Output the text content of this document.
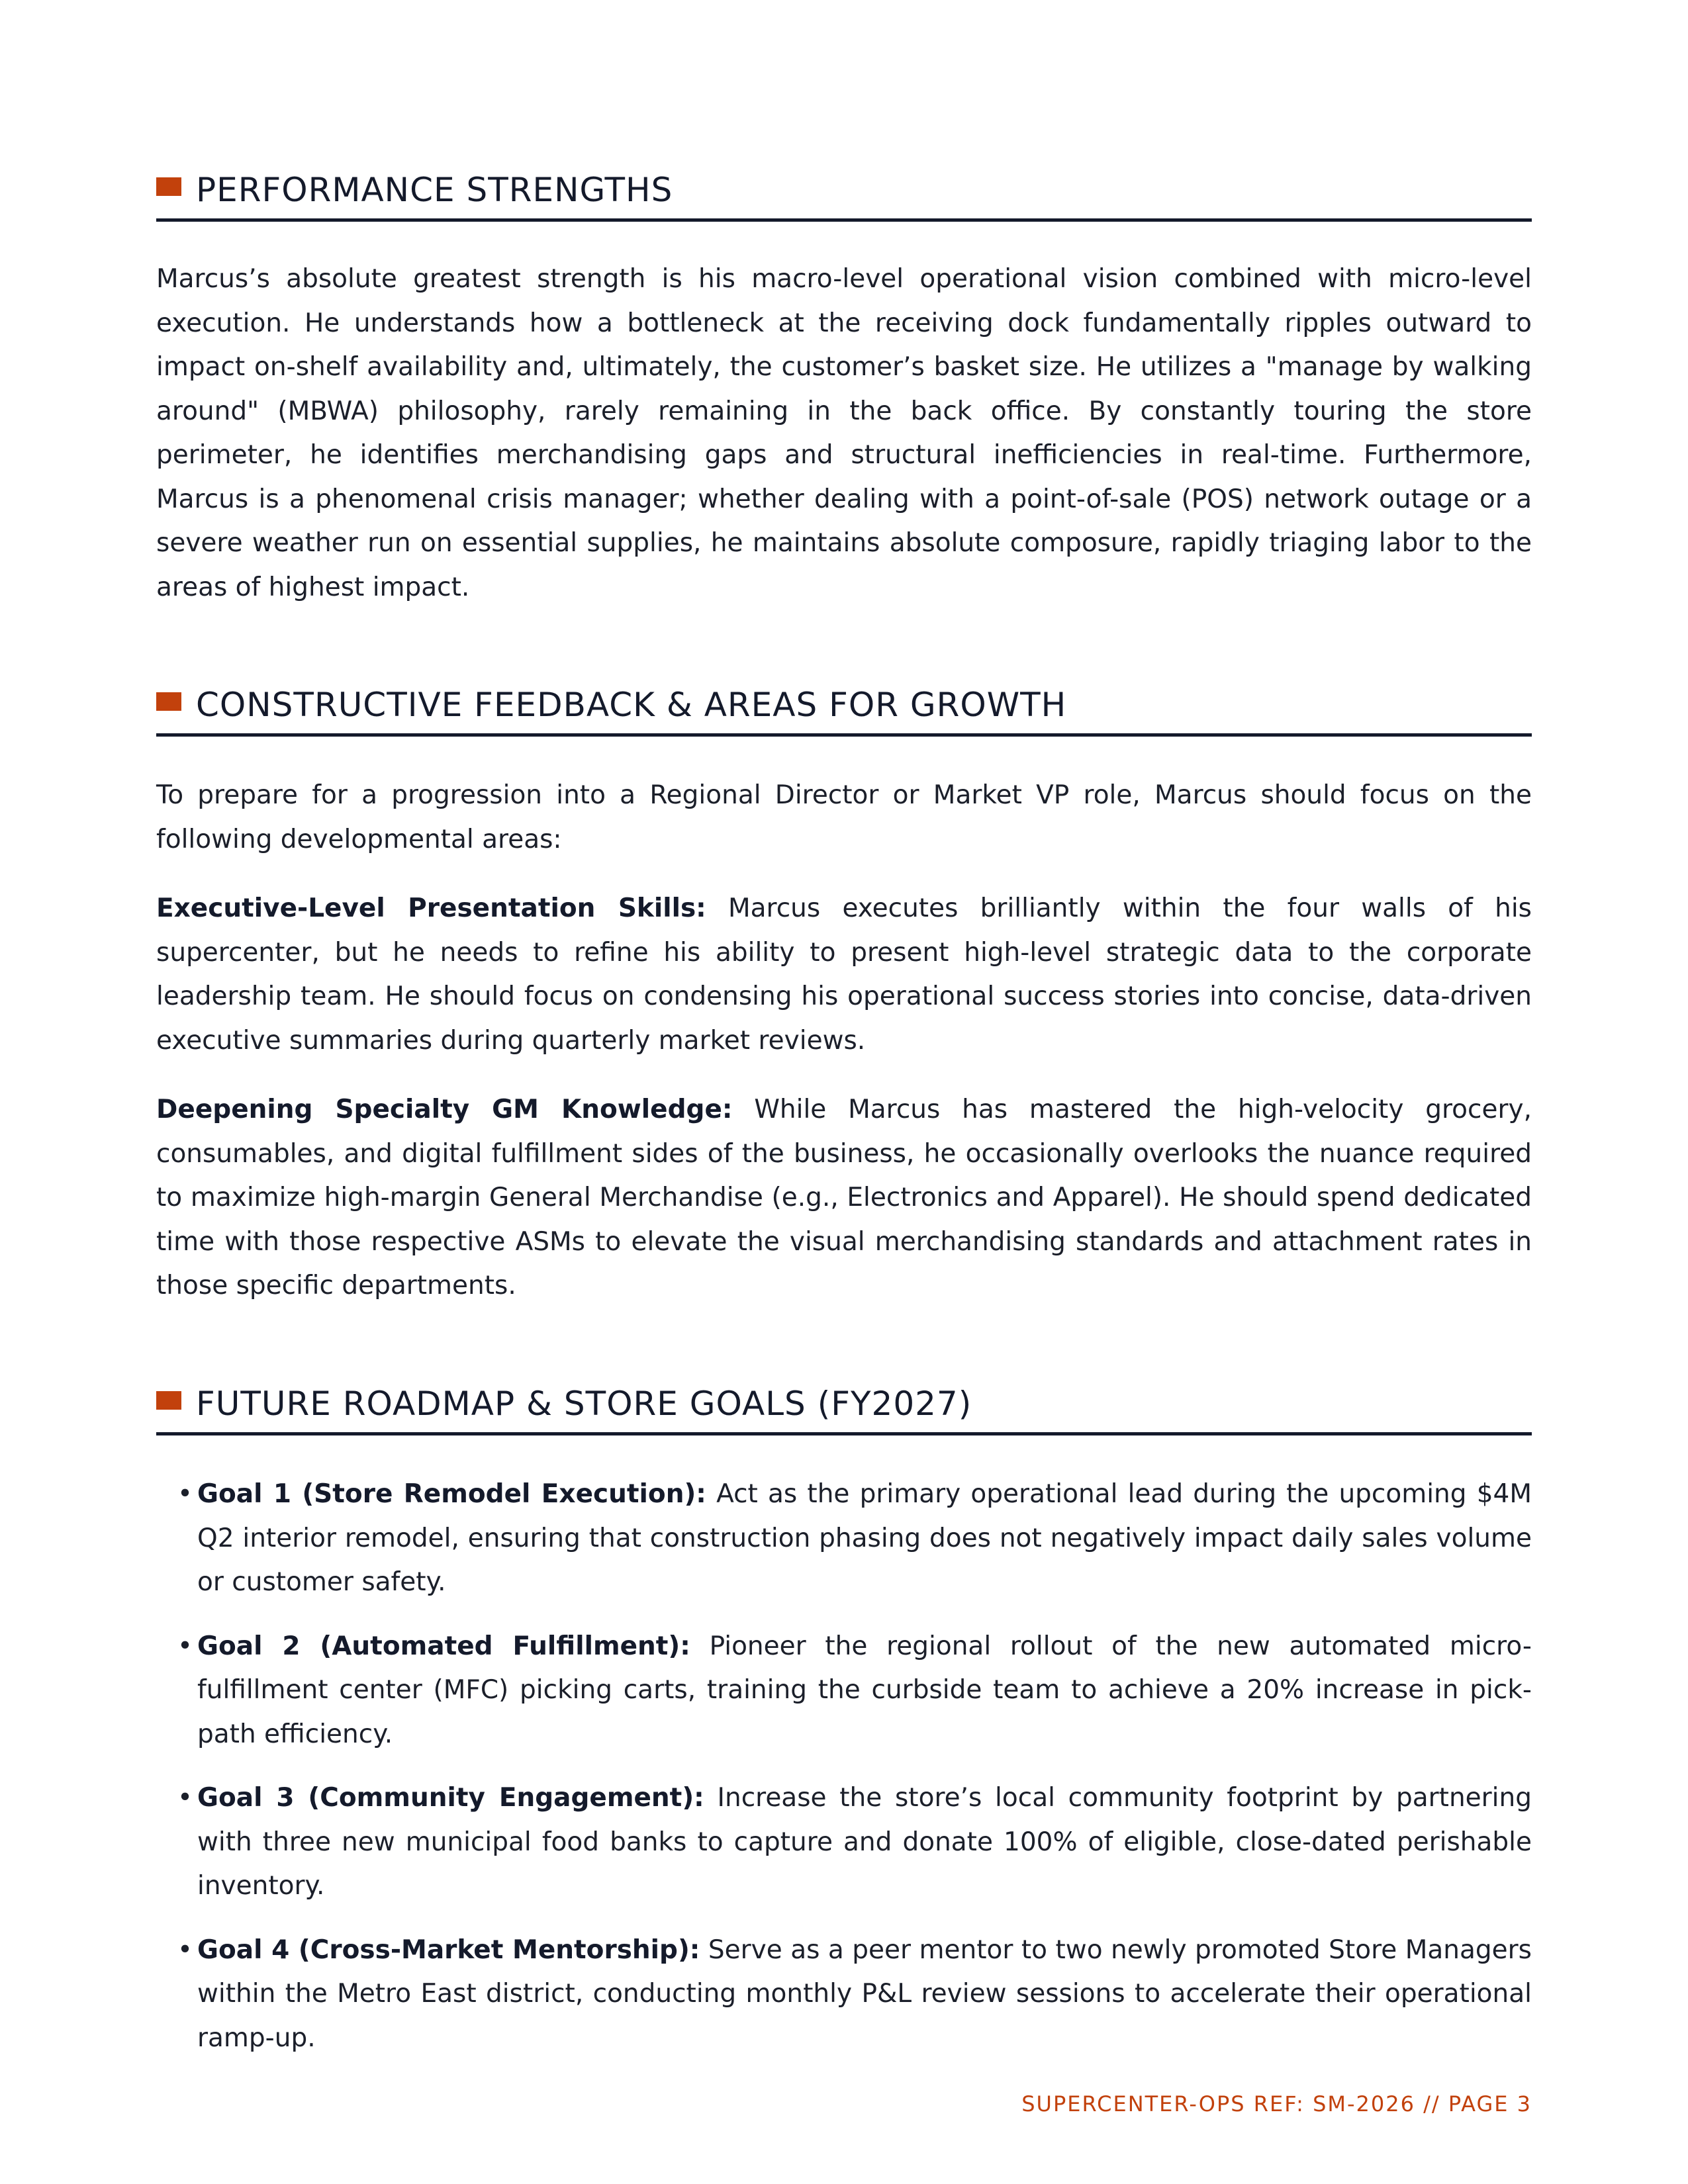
PERFORMANCE STRENGTHS

Marcus’s absolute greatest strength is his macro-level operational vision combined with micro-level execution. He understands how a bottleneck at the receiving dock fundamentally ripples outward to impact on-shelf availability and, ultimately, the customer’s basket size. He utilizes a "manage by walking around" (MBWA) philosophy, rarely remaining in the back office. By constantly touring the store perimeter, he identifies merchandising gaps and structural inefficiencies in real-time. Furthermore, Marcus is a phenomenal crisis manager; whether dealing with a point-of-sale (POS) network outage or a severe weather run on essential supplies, he maintains absolute composure, rapidly triaging labor to the areas of highest impact.

CONSTRUCTIVE FEEDBACK & AREAS FOR GROWTH

To prepare for a progression into a Regional Director or Market VP role, Marcus should focus on the following developmental areas:

Executive-Level Presentation Skills: Marcus executes brilliantly within the four walls of his supercenter, but he needs to refine his ability to present high-level strategic data to the corporate leadership team. He should focus on condensing his operational success stories into concise, data-driven executive summaries during quarterly market reviews.

Deepening Specialty GM Knowledge: While Marcus has mastered the high-velocity grocery, consumables, and digital fulfillment sides of the business, he occasionally overlooks the nuance required to maximize high-margin General Merchandise (e.g., Electronics and Apparel). He should spend dedicated time with those respective ASMs to elevate the visual merchandising standards and attachment rates in those specific departments.

FUTURE ROADMAP & STORE GOALS (FY2027)
• Goal 1 (Store Remodel Execution): Act as the primary operational lead during the upcoming $4M Q2 interior remodel, ensuring that construction phasing does not negatively impact daily sales volume or customer safety.
• Goal 2 (Automated Fulfillment): Pioneer the regional rollout of the new automated micro-fulfillment center (MFC) picking carts, training the curbside team to achieve a 20% increase in pick-path efficiency.
• Goal 3 (Community Engagement): Increase the store’s local community footprint by partnering with three new municipal food banks to capture and donate 100% of eligible, close-dated perishable inventory.
• Goal 4 (Cross-Market Mentorship): Serve as a peer mentor to two newly promoted Store Managers within the Metro East district, conducting monthly P&L review sessions to accelerate their operational ramp-up.
SUPERCENTER-OPS REF: SM-2026 // PAGE 3
